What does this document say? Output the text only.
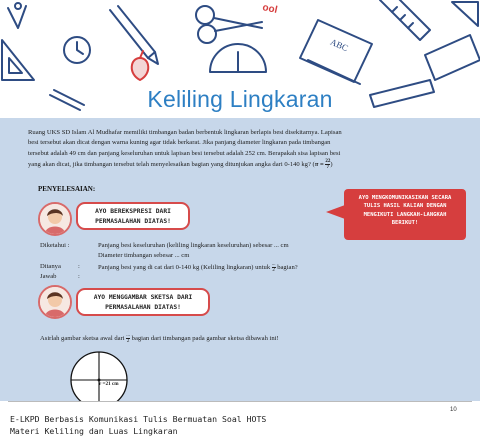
ool
ABC
Keliling Lingkaran
Ruang UKS SD Islam Al Mudhafar memiliki timbangan badan berbentuk lingkaran berlapis besi disekitarnya. Lapisan
besi tersebut akan dicat dengan warna kuning agar tidak berkarat. Jika panjang diameter lingkaran pada timbangan
tersebut adalah 49 cm dan panjang keseluruhan untuk lapisan besi tersebut adalah 252 cm. Berapakah sisa lapisan besi
yang akan dicat, jika timbangan tersebut telah menyelesaikan bagian yang ditunjukan angka dari 0-140 kg? ($\pi = \frac{22}{7}$ )
PENYELESAIAN:
AYO BEREKSPRESI DARI
PERMASALAHAN DIATAS!
AYO MENGKOMUNIKASIKAN SECARA
TULIS HASIL KALIAN DENGAN
MENGIKUTI LANGKAH-LANGKAH
BERIKUT!
Diketahui :	Panjang besi keseluruhan (keliling lingkaran keseluruhan) sebesar ... cm
Diameter timbangan sebesar ... cm
Ditanya	:	Panjang besi yang di cat dari 0-140 kg (Keliling lingkaran) untuk $\frac{...}{2}$ bagian?
Jawab	:
AYO MENGGAMBAR SKETSA DARI
PERMASALAHAN DIATAS!
Asirlah gambar sketsa awal dari $\frac{...}{2}$ bagian dari timbangan pada gambar sketsa dibawah ini!
r =21 cm
10
E-LKPD Berbasis Komunikasi Tulis Bermuatan Soal HOTS
Materi Keliling dan Luas Lingkaran
